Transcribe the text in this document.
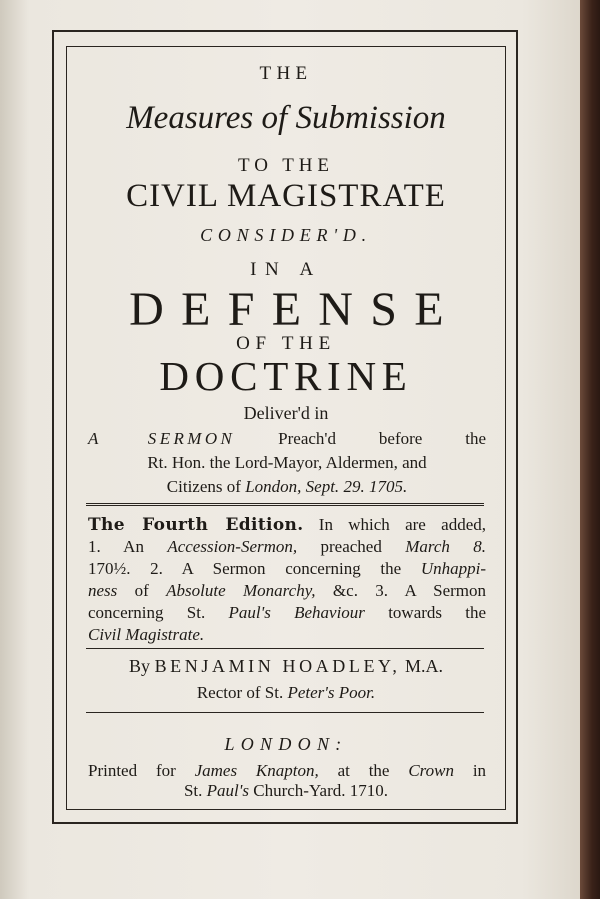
THE
Measures of Submission
TO THE
CIVIL MAGISTRATE
CONSIDER'D.
IN A
DEFENSE
OF THE
DOCTRINE
Deliver'd in
A SERMON	Preach'd before the
Rt. Hon. the Lord-Mayor, Aldermen, and
Citizens of London, Sept. 29. 1705.
The Fourth Edition. In which are added,
1. An Accession-Sermon, preached March 8.
170½. 2. A Sermon concerning the Unhappi-
ness of Absolute Monarchy, &c. 3. A Sermon
concerning St. Paul's Behaviour towards the
Civil Magistrate.
By BENJAMIN HOADLEY, M.A.
Rector of St. Peter's Poor.
LONDON:
Printed for James Knapton, at the Crown in
St. Paul's Church-Yard. 1710.
